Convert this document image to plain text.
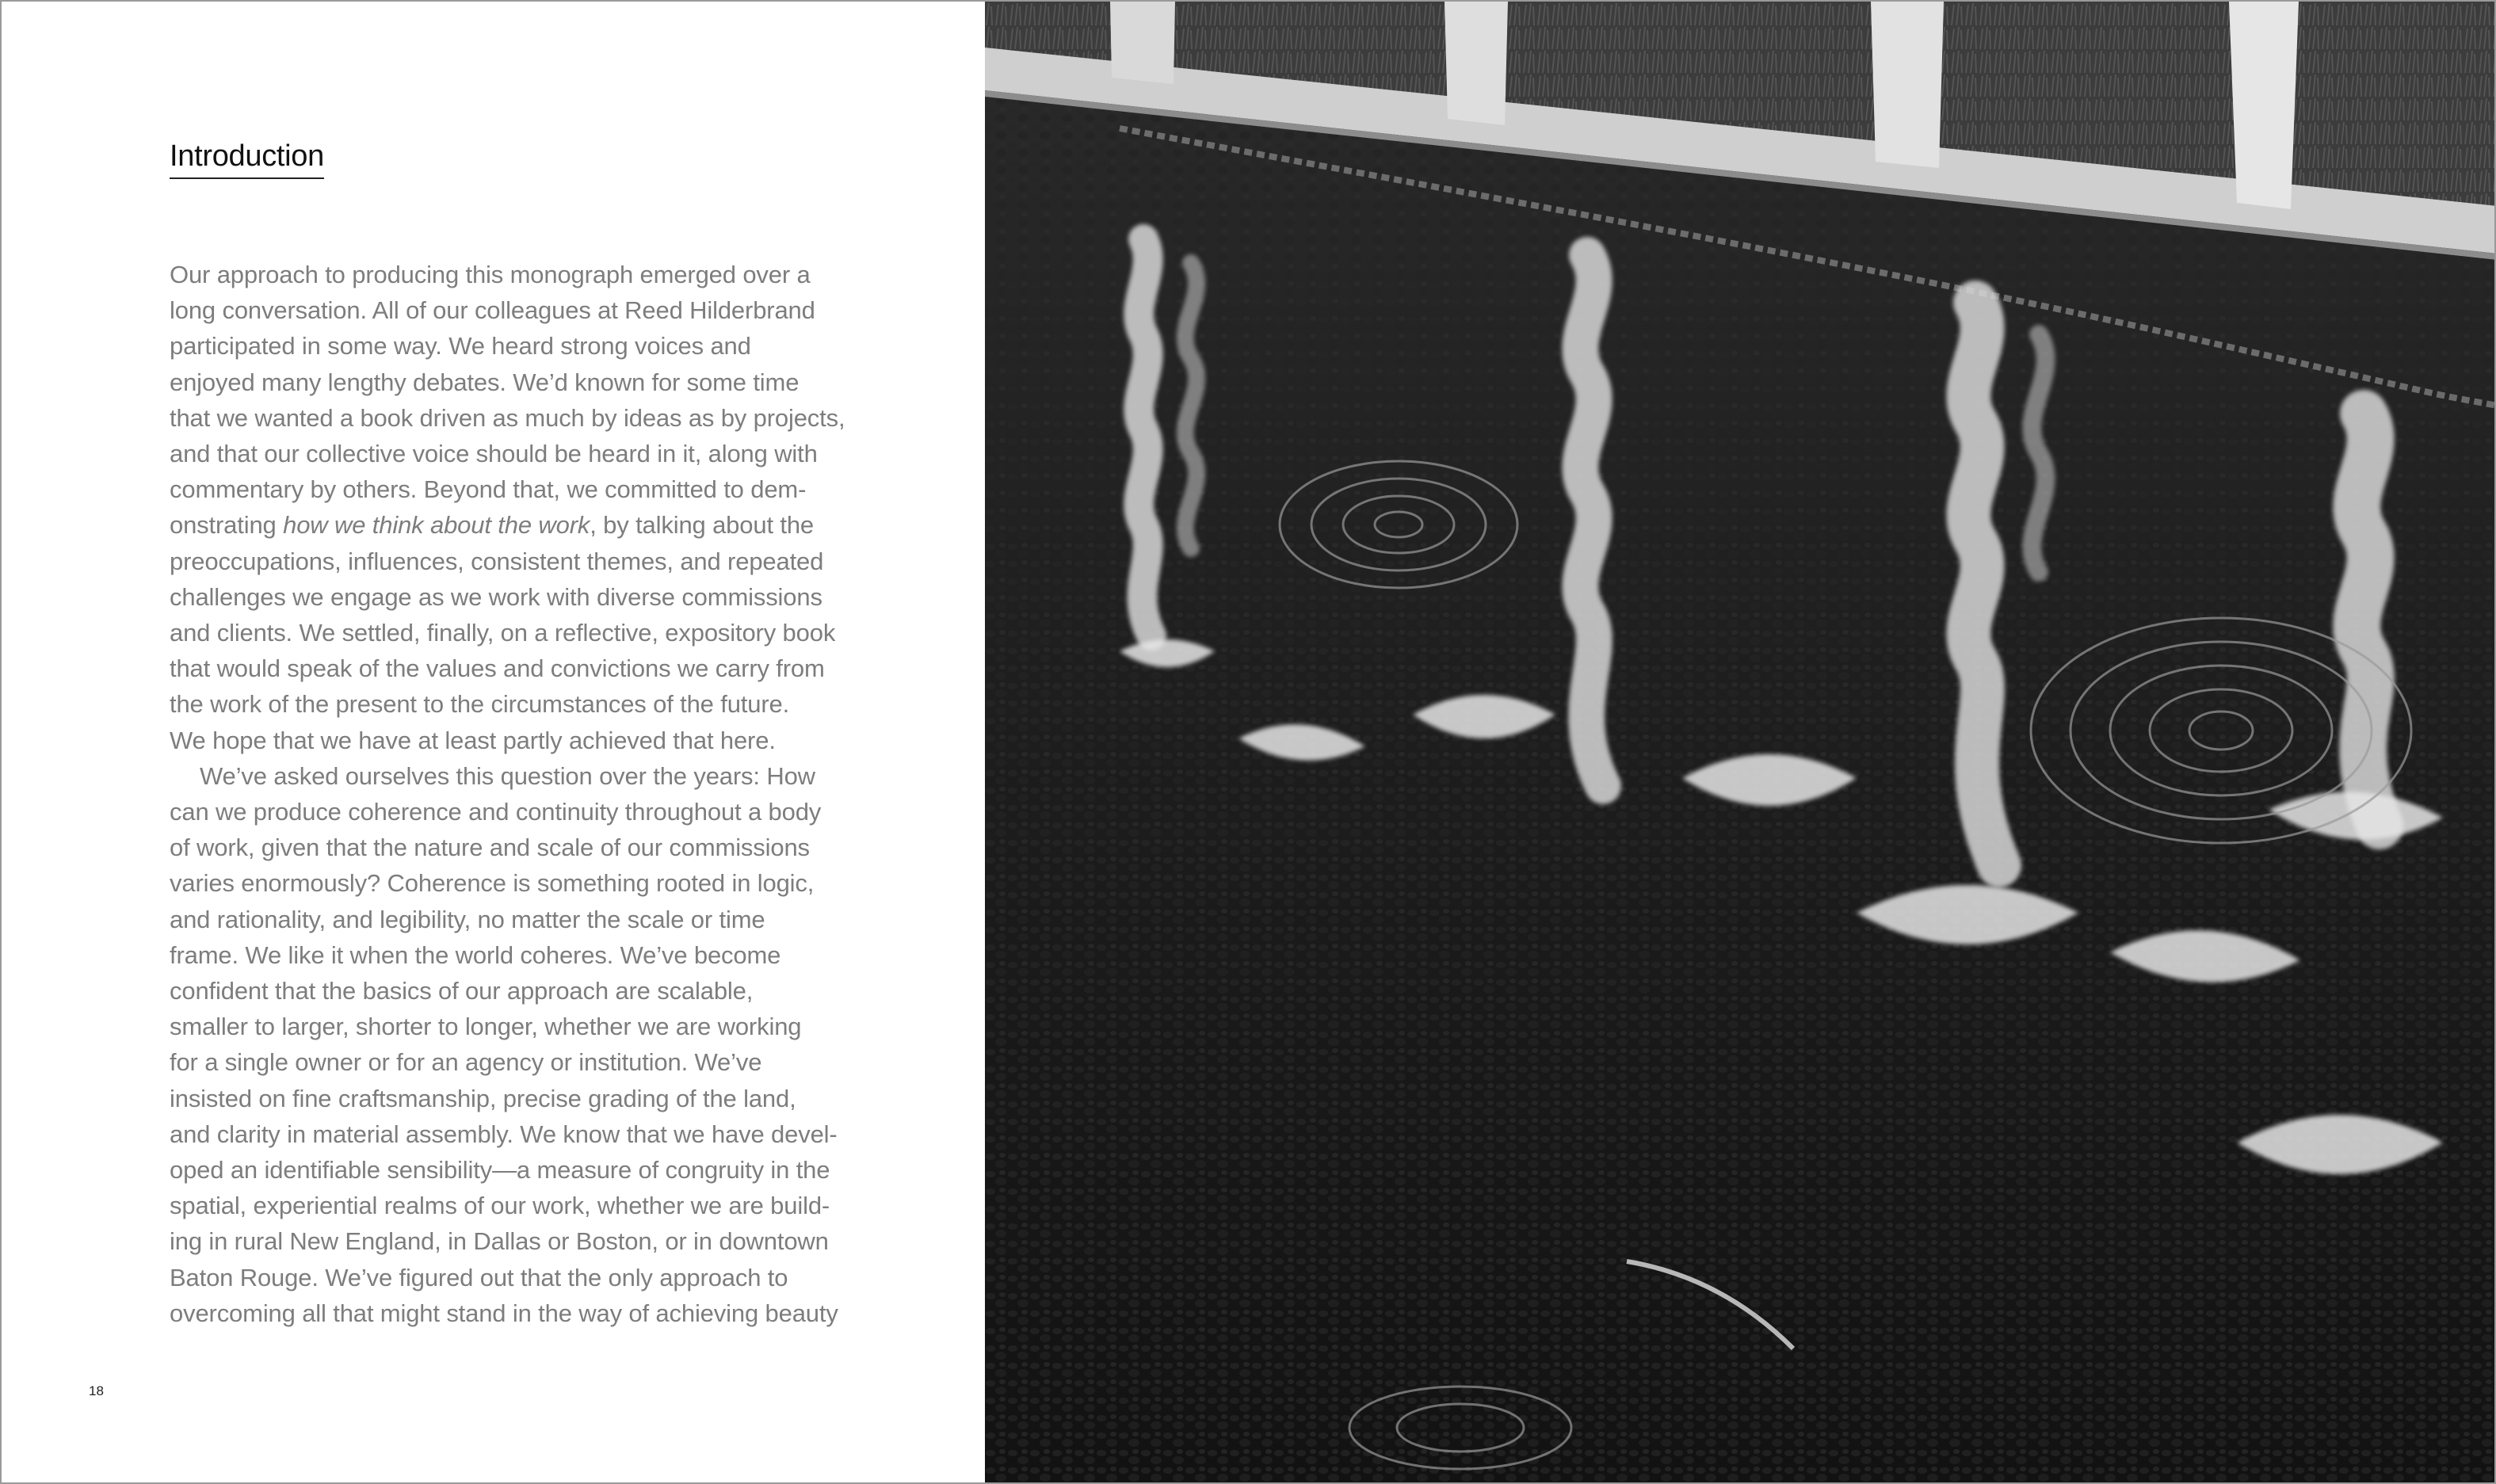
Introduction
Our approach to producing this monograph emerged over a
long conversation. All of our colleagues at Reed Hilderbrand
participated in some way. We heard strong voices and
enjoyed many lengthy debates. We’d known for some time
that we wanted a book driven as much by ideas as by projects,
and that our collective voice should be heard in it, along with
commentary by others. Beyond that, we committed to dem-
onstrating how we think about the work, by talking about the
preoccupations, influences, consistent themes, and repeated
challenges we engage as we work with diverse commissions
and clients. We settled, finally, on a reflective, expository book
that would speak of the values and convictions we carry from
the work of the present to the circumstances of the future.
We hope that we have at least partly achieved that here.
We’ve asked ourselves this question over the years: How
can we produce coherence and continuity throughout a body
of work, given that the nature and scale of our commissions
varies enormously? Coherence is something rooted in logic,
and rationality, and legibility, no matter the scale or time
frame. We like it when the world coheres. We’ve become
confident that the basics of our approach are scalable,
smaller to larger, shorter to longer, whether we are working
for a single owner or for an agency or institution. We’ve
insisted on fine craftsmanship, precise grading of the land,
and clarity in material assembly. We know that we have devel-
oped an identifiable sensibility—a measure of congruity in the
spatial, experiential realms of our work, whether we are build-
ing in rural New England, in Dallas or Boston, or in downtown
Baton Rouge. We’ve figured out that the only approach to
overcoming all that might stand in the way of achieving beauty
18
